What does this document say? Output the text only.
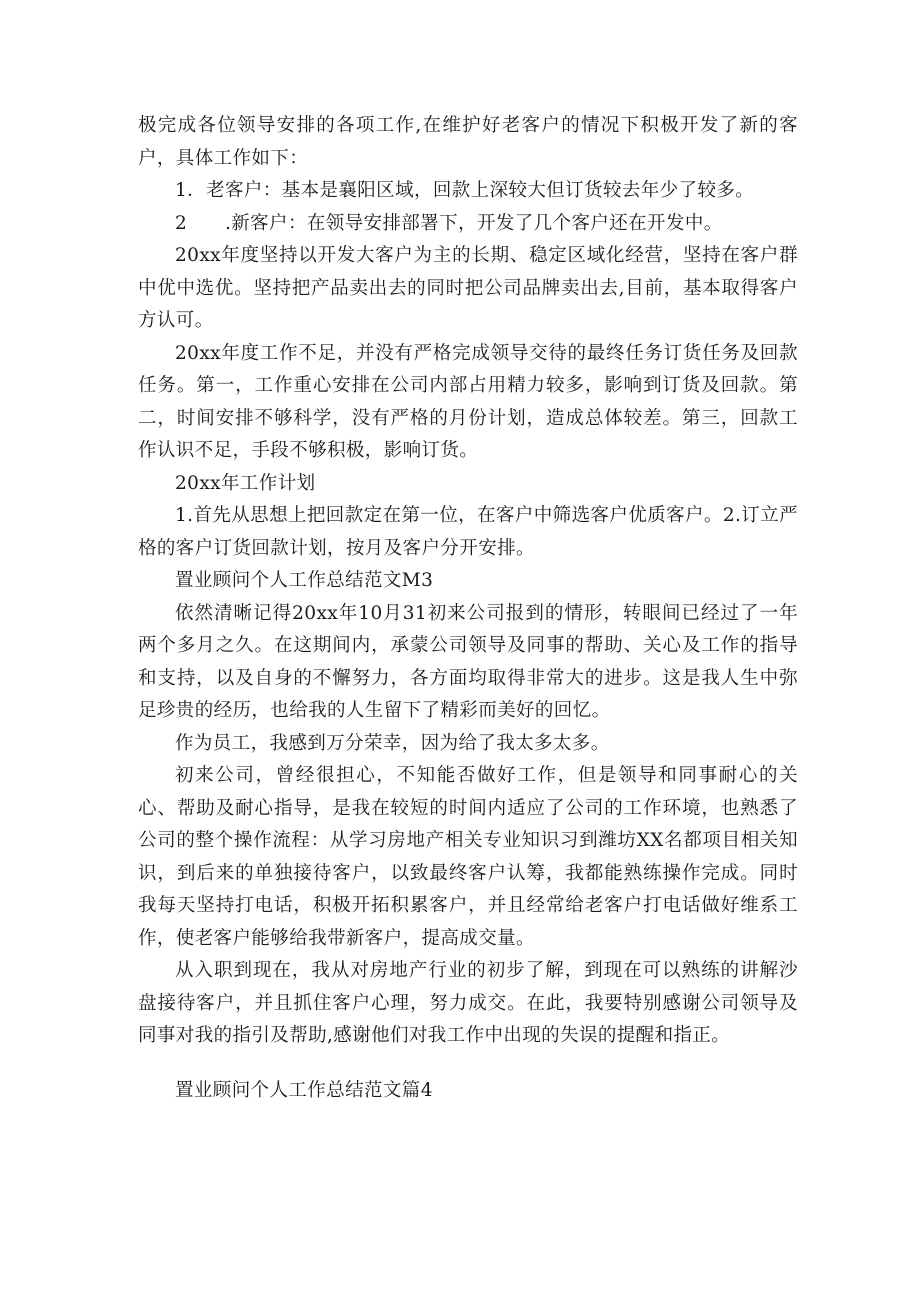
极完成各位领导安排的各项工作,在维护好老客户的情况下积极开发了新的客户，具体工作如下：

1．老客户：基本是襄阳区域，回款上深较大但订货较去年少了较多。

2　　.新客户：在领导安排部署下，开发了几个客户还在开发中。

20xx年度坚持以开发大客户为主的长期、稳定区域化经营，坚持在客户群中优中选优。坚持把产品卖出去的同时把公司品牌卖出去,目前，基本取得客户方认可。

20xx年度工作不足，并没有严格完成领导交待的最终任务订货任务及回款任务。第一，工作重心安排在公司内部占用精力较多，影响到订货及回款。第二，时间安排不够科学，没有严格的月份计划，造成总体较差。第三，回款工作认识不足，手段不够积极，影响订货。

20xx年工作计划

1.首先从思想上把回款定在第一位，在客户中筛选客户优质客户。2.订立严格的客户订货回款计划，按月及客户分开安排。

置业顾问个人工作总结范文M3

依然清晰记得20xx年10月31初来公司报到的情形，转眼间已经过了一年两个多月之久。在这期间内，承蒙公司领导及同事的帮助、关心及工作的指导和支持，以及自身的不懈努力，各方面均取得非常大的进步。这是我人生中弥足珍贵的经历，也给我的人生留下了精彩而美好的回忆。

作为员工，我感到万分荣幸，因为给了我太多太多。

初来公司，曾经很担心，不知能否做好工作，但是领导和同事耐心的关心、帮助及耐心指导，是我在较短的时间内适应了公司的工作环境，也熟悉了公司的整个操作流程：从学习房地产相关专业知识习到潍坊XX名都项目相关知识，到后来的单独接待客户，以致最终客户认筹，我都能熟练操作完成。同时我每天坚持打电话，积极开拓积累客户，并且经常给老客户打电话做好维系工作，使老客户能够给我带新客户，提高成交量。

从入职到现在，我从对房地产行业的初步了解，到现在可以熟练的讲解沙盘接待客户，并且抓住客户心理，努力成交。在此，我要特别感谢公司领导及同事对我的指引及帮助,感谢他们对我工作中出现的失误的提醒和指正。

置业顾问个人工作总结范文篇4
